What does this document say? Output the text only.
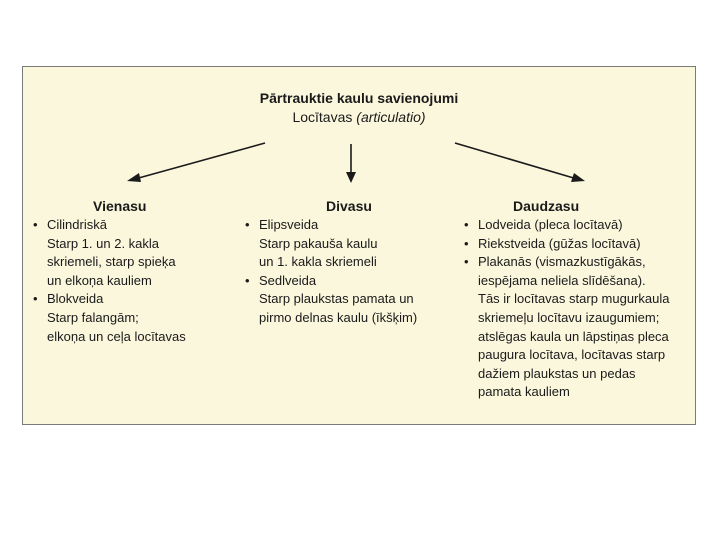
Pārtrauktie kaulu savienojumi
Locītavas (articulatio)
Vienasu	Divasu	Daudzasu
• Cilindriskā
Starp 1. un 2. kakla
skriemeli, starp spieķa
un elkoņa kauliem
• Blokveida
Starp falangām;
elkoņa un ceļa locītavas
• Elipsveida
Starp pakauša kaulu
un 1. kakla skriemeli
• Sedlveida
Starp plaukstas pamata un
pirmo delnas kaulu (īkšķim)
• Lodveida (pleca locītavā)
• Riekstveida (gūžas locītavā)
• Plakanās (vismazkustīgākās,
iespējama neliela slīdēšana).
Tās ir locītavas starp mugurkaula
skriemeļu locītavu izaugumiem;
atslēgas kaula un lāpstiņas pleca
paugura locītava, locītavas starp
dažiem plaukstas un pedas
pamata kauliem
